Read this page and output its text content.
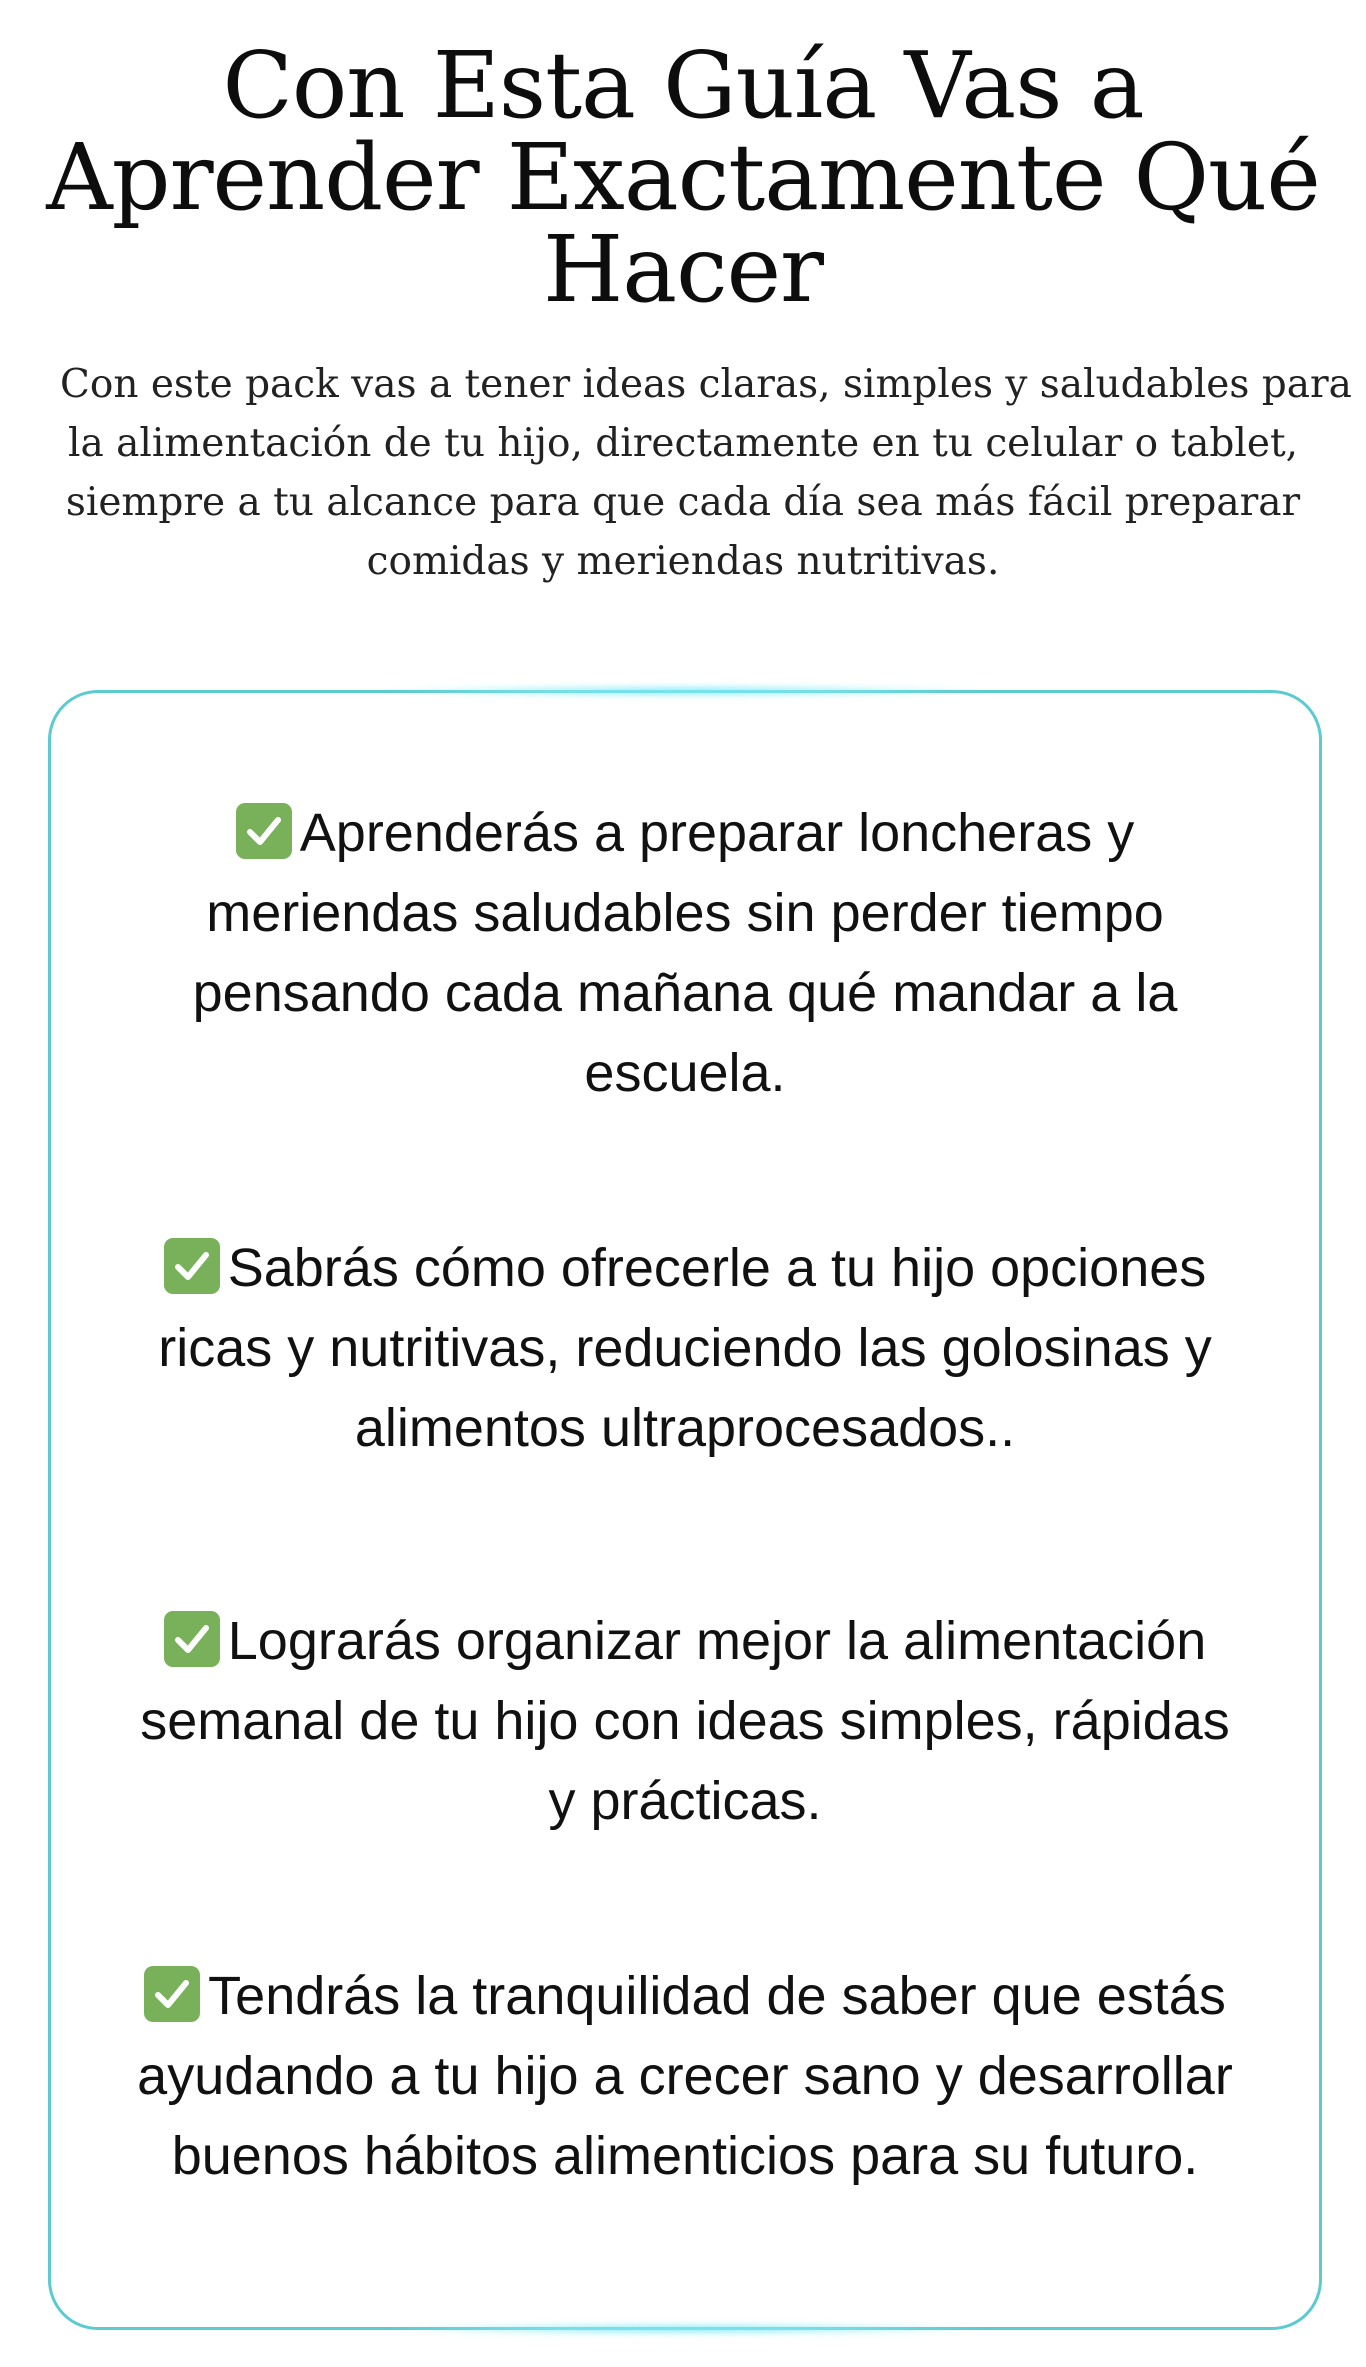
Con Esta Guía Vas a
Aprender Exactamente Qué
Hacer

Con este pack vas a tener ideas claras, simples y saludables para
la alimentación de tu hijo, directamente en tu celular o tablet,
siempre a tu alcance para que cada día sea más fácil preparar
comidas y meriendas nutritivas.

Aprenderás a preparar loncheras y
meriendas saludables sin perder tiempo
pensando cada mañana qué mandar a la
escuela.

Sabrás cómo ofrecerle a tu hijo opciones
ricas y nutritivas, reduciendo las golosinas y
alimentos ultraprocesados..

Lograrás organizar mejor la alimentación
semanal de tu hijo con ideas simples, rápidas
y prácticas.

Tendrás la tranquilidad de saber que estás
ayudando a tu hijo a crecer sano y desarrollar
buenos hábitos alimenticios para su futuro.
